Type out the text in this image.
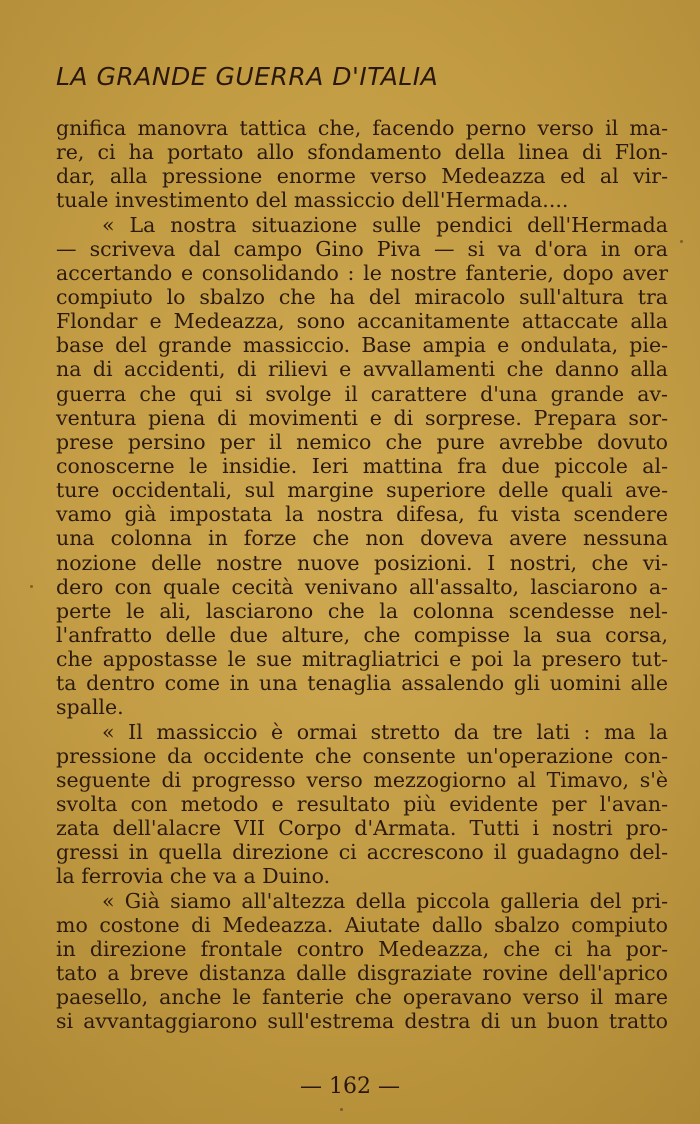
LA GRANDE GUERRA D'ITALIA
gnifica manovra tattica che, facendo perno verso il ma-
re, ci ha portato allo sfondamento della linea di Flon-
dar, alla pressione enorme verso Medeazza ed al vir-
tuale investimento del massiccio dell'Hermada....
« La nostra situazione sulle pendici dell'Hermada
— scriveva dal campo Gino Piva — si va d'ora in ora
accertando e consolidando : le nostre fanterie, dopo aver
compiuto lo sbalzo che ha del miracolo sull'altura tra
Flondar e Medeazza, sono accanitamente attaccate alla
base del grande massiccio. Base ampia e ondulata, pie-
na di accidenti, di rilievi e avvallamenti che danno alla
guerra che qui si svolge il carattere d'una grande av-
ventura piena di movimenti e di sorprese. Prepara sor-
prese persino per il nemico che pure avrebbe dovuto
conoscerne le insidie. Ieri mattina fra due piccole al-
ture occidentali, sul margine superiore delle quali ave-
vamo già impostata la nostra difesa, fu vista scendere
una colonna in forze che non doveva avere nessuna
nozione delle nostre nuove posizioni. I nostri, che vi-
dero con quale cecità venivano all'assalto, lasciarono a-
perte le ali, lasciarono che la colonna scendesse nel-
l'anfratto delle due alture, che compisse la sua corsa,
che appostasse le sue mitragliatrici e poi la presero tut-
ta dentro come in una tenaglia assalendo gli uomini alle
spalle.
« Il massiccio è ormai stretto da tre lati : ma la
pressione da occidente che consente un'operazione con-
seguente di progresso verso mezzogiorno al Timavo, s'è
svolta con metodo e resultato più evidente per l'avan-
zata dell'alacre VII Corpo d'Armata. Tutti i nostri pro-
gressi in quella direzione ci accrescono il guadagno del-
la ferrovia che va a Duino.
« Già siamo all'altezza della piccola galleria del pri-
mo costone di Medeazza. Aiutate dallo sbalzo compiuto
in direzione frontale contro Medeazza, che ci ha por-
tato a breve distanza dalle disgraziate rovine dell'aprico
paesello, anche le fanterie che operavano verso il mare
si avvantaggiarono sull'estrema destra di un buon tratto
— 162 —
